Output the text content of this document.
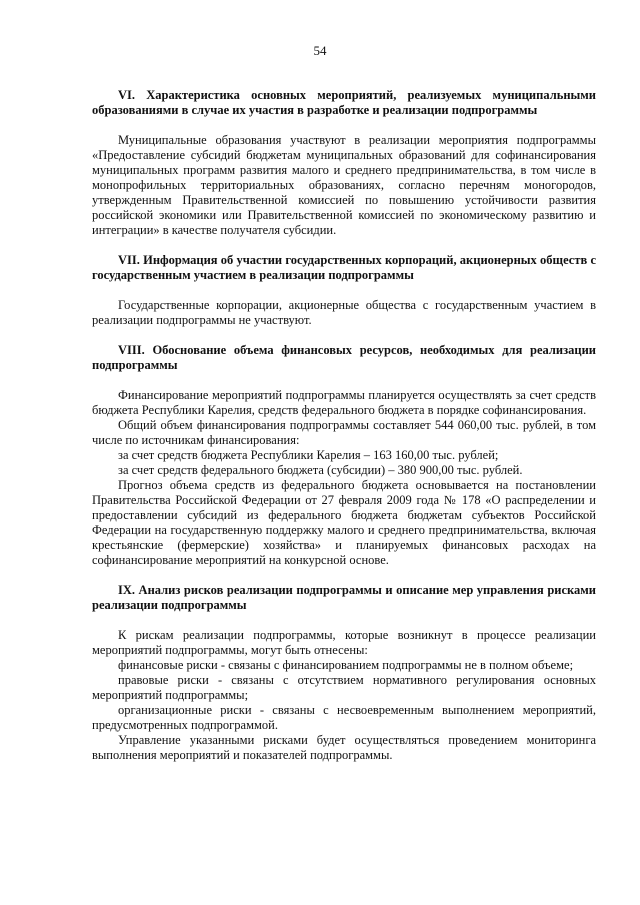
54

VI. Характеристика основных мероприятий, реализуемых муниципальными образованиями в случае их участия в разработке и реализации подпрограммы

Муниципальные образования участвуют в реализации мероприятия подпрограммы «Предоставление субсидий бюджетам муниципальных образований для софинансирования муниципальных программ развития малого и среднего предпринимательства, в том числе в монопрофильных территориальных образованиях, согласно перечням моногородов, утвержденным Правительственной комиссией по повышению устойчивости развития российской экономики или Правительственной комиссией по экономическому развитию и интеграции» в качестве получателя субсидии.

VII. Информация об участии государственных корпораций, акционерных обществ с государственным участием в реализации подпрограммы

Государственные корпорации, акционерные общества с государственным участием в реализации подпрограммы не участвуют.

VIII. Обоснование объема финансовых ресурсов, необходимых для реализации подпрограммы

Финансирование мероприятий подпрограммы планируется осуществлять за счет средств бюджета Республики Карелия, средств федерального бюджета в порядке софинансирования.

Общий объем финансирования подпрограммы составляет 544 060,00 тыс. рублей, в том числе по источникам финансирования:

за счет средств бюджета Республики Карелия – 163 160,00 тыс. рублей;

за счет средств федерального бюджета (субсидии) – 380 900,00 тыс. рублей.

Прогноз объема средств из федерального бюджета основывается на постановлении Правительства Российской Федерации от 27 февраля 2009 года № 178 «О распределении и предоставлении субсидий из федерального бюджета бюджетам субъектов Российской Федерации на государственную поддержку малого и среднего предпринимательства, включая крестьянские (фермерские) хозяйства» и планируемых финансовых расходах на софинансирование мероприятий на конкурсной основе.

IX. Анализ рисков реализации подпрограммы и описание мер управления рисками реализации подпрограммы

К рискам реализации подпрограммы, которые возникнут в процессе реализации мероприятий подпрограммы, могут быть отнесены:

финансовые риски - связаны с финансированием подпрограммы не в полном объеме;

правовые риски - связаны с отсутствием нормативного регулирования основных мероприятий подпрограммы;

организационные риски - связаны с несвоевременным выполнением мероприятий, предусмотренных подпрограммой.

Управление указанными рисками будет осуществляться проведением мониторинга выполнения мероприятий и показателей подпрограммы.
